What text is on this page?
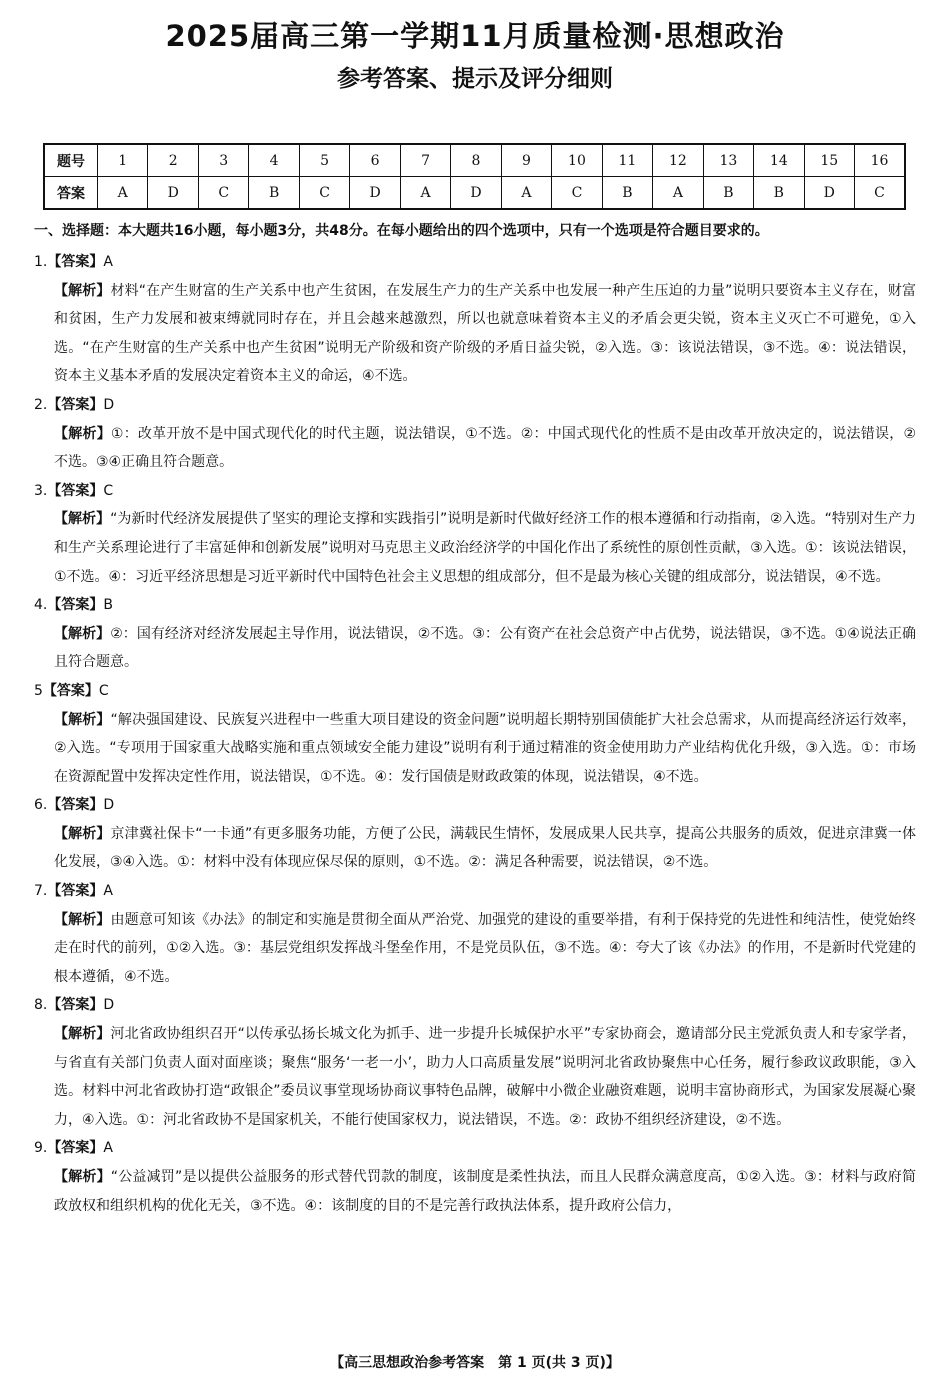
2025届高三第一学期11月质量检测·思想政治
参考答案、提示及评分细则
题号	1	2	3	4	5	6	7	8	9	10	11	12	13	14	15	16
答案	A	D	C	B	C	D	A	D	A	C	B	A	B	B	D	C
一、选择题：本大题共16小题，每小题3分，共48分。在每小题给出的四个选项中，只有一个选项是符合题目要求的。
1.【答案】A
【解析】材料“在产生财富的生产关系中也产生贫困，在发展生产力的生产关系中也发展一种产生压迫的力量”说明只要资本主义存在，财富和贫困，生产力发展和被束缚就同时存在，并且会越来越激烈，所以也就意味着资本主义的矛盾会更尖锐，资本主义灭亡不可避免，①入选。“在产生财富的生产关系中也产生贫困”说明无产阶级和资产阶级的矛盾日益尖锐，②入选。③：该说法错误，③不选。④：说法错误，资本主义基本矛盾的发展决定着资本主义的命运，④不选。
2.【答案】D
【解析】①：改革开放不是中国式现代化的时代主题，说法错误，①不选。②：中国式现代化的性质不是由改革开放决定的，说法错误，②不选。③④正确且符合题意。
3.【答案】C
【解析】“为新时代经济发展提供了坚实的理论支撑和实践指引”说明是新时代做好经济工作的根本遵循和行动指南，②入选。“特别对生产力和生产关系理论进行了丰富延伸和创新发展”说明对马克思主义政治经济学的中国化作出了系统性的原创性贡献，③入选。①：该说法错误，①不选。④：习近平经济思想是习近平新时代中国特色社会主义思想的组成部分，但不是最为核心关键的组成部分，说法错误，④不选。
4.【答案】B
【解析】②：国有经济对经济发展起主导作用，说法错误，②不选。③：公有资产在社会总资产中占优势，说法错误，③不选。①④说法正确且符合题意。
5【答案】C
【解析】“解决强国建设、民族复兴进程中一些重大项目建设的资金问题”说明超长期特别国债能扩大社会总需求，从而提高经济运行效率，②入选。“专项用于国家重大战略实施和重点领域安全能力建设”说明有利于通过精准的资金使用助力产业结构优化升级，③入选。①：市场在资源配置中发挥决定性作用，说法错误，①不选。④：发行国债是财政政策的体现，说法错误，④不选。
6.【答案】D
【解析】京津冀社保卡“一卡通”有更多服务功能，方便了公民，满载民生情怀，发展成果人民共享，提高公共服务的质效，促进京津冀一体化发展，③④入选。①：材料中没有体现应保尽保的原则，①不选。②：满足各种需要，说法错误，②不选。
7.【答案】A
【解析】由题意可知该《办法》的制定和实施是贯彻全面从严治党、加强党的建设的重要举措，有利于保持党的先进性和纯洁性，使党始终走在时代的前列，①②入选。③：基层党组织发挥战斗堡垒作用，不是党员队伍，③不选。④：夸大了该《办法》的作用，不是新时代党建的根本遵循，④不选。
8.【答案】D
【解析】河北省政协组织召开“以传承弘扬长城文化为抓手、进一步提升长城保护水平”专家协商会，邀请部分民主党派负责人和专家学者，与省直有关部门负责人面对面座谈；聚焦“服务‘一老一小’，助力人口高质量发展”说明河北省政协聚焦中心任务，履行参政议政职能，③入选。材料中河北省政协打造“政银企”委员议事堂现场协商议事特色品牌，破解中小微企业融资难题，说明丰富协商形式，为国家发展凝心聚力，④入选。①：河北省政协不是国家机关，不能行使国家权力，说法错误，不选。②：政协不组织经济建设，②不选。
9.【答案】A
【解析】“公益减罚”是以提供公益服务的形式替代罚款的制度，该制度是柔性执法，而且人民群众满意度高，①②入选。③：材料与政府简政放权和组织机构的优化无关，③不选。④：该制度的目的不是完善行政执法体系，提升政府公信力，
【高三思想政治参考答案　第 1 页(共 3 页)】
